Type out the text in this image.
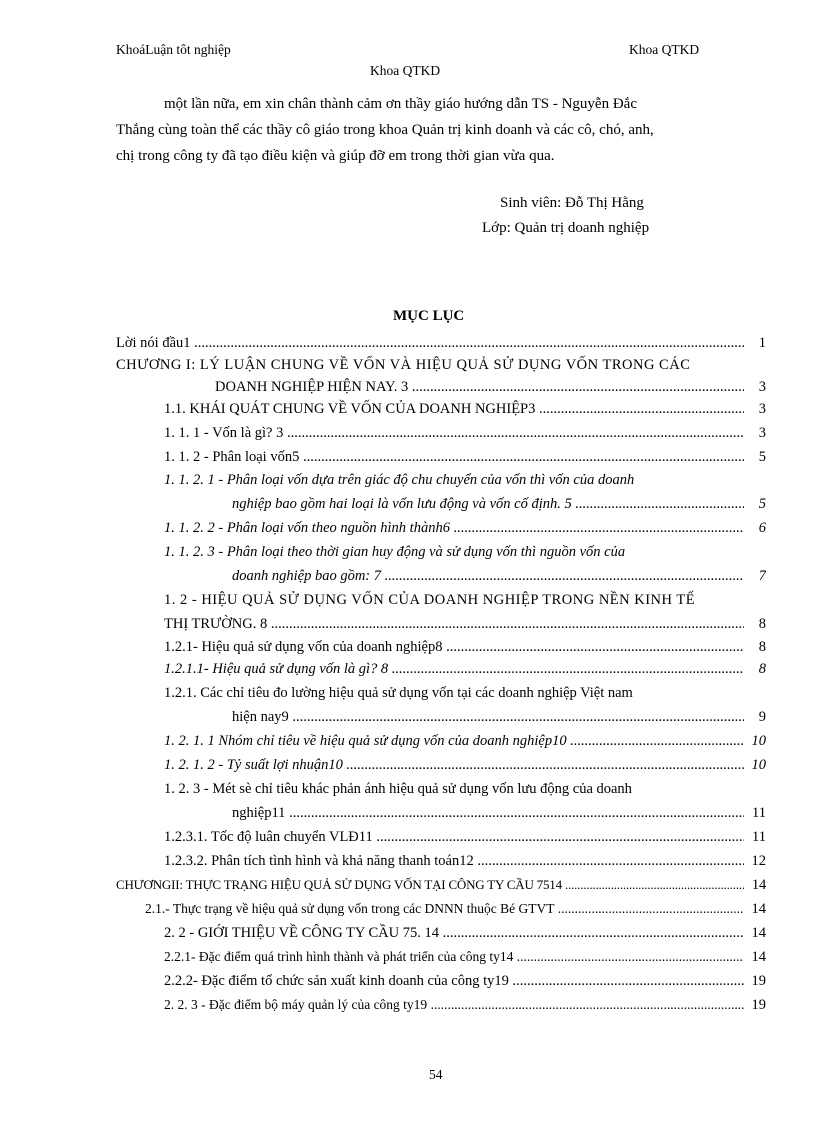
KhoáLuận tôt nghiệp	Khoa QTKD
Khoa QTKD
một lần nữa, em xin chân thành cảm ơn thầy giáo hướng dẫn TS - Nguyễn Đắc
Thắng cùng toàn thể các thầy cô giáo trong khoa Quản trị kinh doanh và các cô, chó, anh,
chị trong công ty đã tạo điều kiện và giúp đỡ em trong thời gian vừa qua.
Sinh viên: Đỗ Thị Hằng
Lớp: Quản trị doanh nghiệp
MỤC LỤC
Lời nói đầu1 .....	1
CHƯƠNG I: LÝ LUẬN CHUNG VỀ VỐN VÀ HIỆU QUẢ SỬ DỤNG VỐN TRONG CÁC
DOANH NGHIỆP HIỆN NAY. 3 .....	3
1.1. KHÁI QUÁT CHUNG VỀ VỐN CỦA DOANH NGHIỆP3 .....	3
1. 1. 1 - Vốn là gì? 3 .....	3
1. 1. 2 - Phân loại vốn5 .....	5
1. 1. 2. 1 - Phân loại vốn dựa trên giác độ chu chuyển của vốn thì vốn của doanh
nghiệp bao gồm hai loại là vốn lưu động và vốn cố định. 5 .....	5
1. 1. 2. 2 - Phân loại vốn theo nguồn hình thành6 .....	6
1. 1. 2. 3 - Phân loại theo thời gian huy động và sử dụng vốn thì nguồn vốn của
doanh nghiệp bao gồm: 7 .....	7
1. 2 - HIỆU QUẢ SỬ DỤNG VỐN CỦA DOANH NGHIỆP TRONG NỀN KINH TẾ
THỊ TRƯỜNG. 8 .....	8
1.2.1- Hiệu quả sử dụng vốn của doanh nghiệp8 .....	8
1.2.1.1- Hiệu quả sử dụng vốn là gì? 8 .....	8
1.2.1. Các chỉ tiêu đo lường hiệu quả sử dụng vốn tại các doanh nghiệp Việt nam
hiện nay9 .....	9
1. 2. 1. 1 Nhóm chỉ tiêu về hiệu quả sử dụng vốn của doanh nghiệp10 .....	10
1. 2. 1. 2 - Tỷ suất lợi nhuận10 .....	10
1. 2. 3 - Mét sè chỉ tiêu khác phản ánh hiệu quả sử dụng vốn lưu động của doanh
nghiệp11 .....	11
1.2.3.1. Tốc độ luân chuyển VLĐ11 .....	11
1.2.3.2. Phân tích tình hình và khả năng thanh toán12 .....	12
CHƯƠNGII: THỰC TRẠNG HIỆU QUẢ SỬ DỤNG VỐN TẠI CÔNG TY CẦU 7514 .....	14
2.1.- Thực trạng về hiệu quả sử dụng vốn trong các DNNN thuộc Bé GTVT .....	14
2. 2 - GIỚI THIỆU VỀ CÔNG TY CẦU 75. 14 .....	14
2.2.1- Đặc điểm quá trình hình thành và phát triển của công ty14 .....	14
2.2.2- Đặc điểm tổ chức sản xuất kinh doanh của công ty19 .....	19
2. 2. 3 - Đặc điểm bộ máy quản lý của công ty19 .....	19
54
